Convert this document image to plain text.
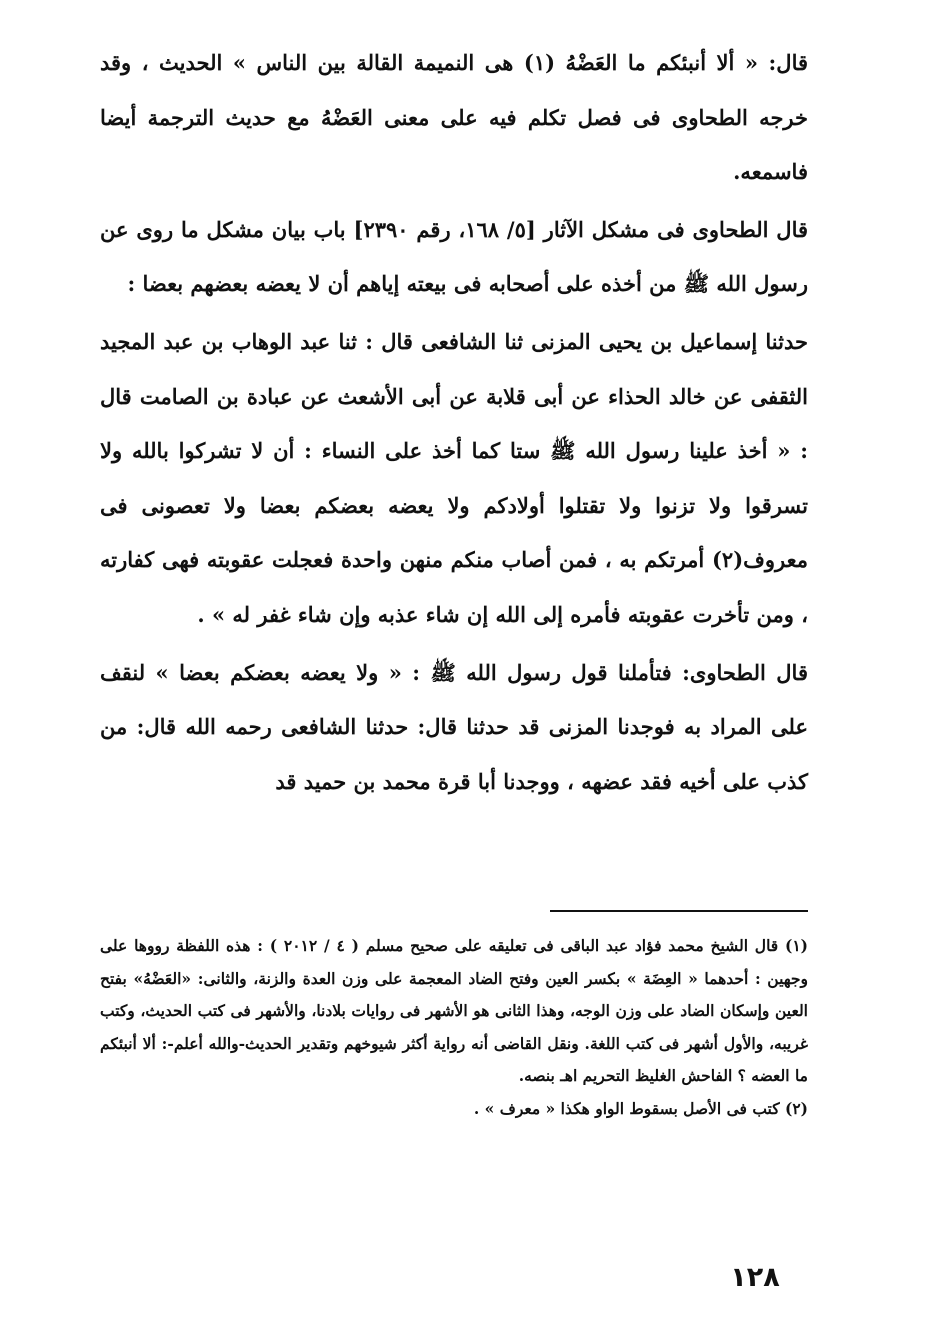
قال: « ألا أنبئكم ما العَضْهُ (١) هى النميمة القالة بين الناس » الحديث ، وقد خرجه الطحاوى فى فصل تكلم فيه على معنى العَضْهُ مع حديث الترجمة أيضا فاسمعه.

قال الطحاوى فى مشكل الآثار [٥/ ١٦٨، رقم ٢٣٩٠] باب بيان مشكل ما روى عن رسول الله ﷺ من أخذه على أصحابه فى بيعته إياهم أن لا يعضه بعضهم بعضا :

حدثنا إسماعيل بن يحيى المزنى ثنا الشافعى قال : ثنا عبد الوهاب بن عبد المجيد الثقفى عن خالد الحذاء عن أبى قلابة عن أبى الأشعث عن عبادة بن الصامت قال : « أخذ علينا رسول الله ﷺ ستا كما أخذ على النساء : أن لا تشركوا بالله ولا تسرقوا ولا تزنوا ولا تقتلوا أولادكم ولا يعضه بعضكم بعضا ولا تعصونى فى معروف(٢) أمرتكم به ، فمن أصاب منكم منهن واحدة فعجلت عقوبته فهى كفارته ، ومن تأخرت عقوبته فأمره إلى الله إن شاء عذبه وإن شاء غفر له » .

قال الطحاوى: فتأملنا قول رسول الله ﷺ : « ولا يعضه بعضكم بعضا » لنقف على المراد به فوجدنا المزنى قد حدثنا قال: حدثنا الشافعى رحمه الله قال: من كذب على أخيه فقد عضهه ، ووجدنا أبا قرة محمد بن حميد قد

(١) قال الشيخ محمد فؤاد عبد الباقى فى تعليقه على صحيح مسلم ( ٤ / ٢٠١٢ ) : هذه اللفظة رووها على وجهين : أحدهما « العِضَة » بكسر العين وفتح الضاد المعجمة على وزن العدة والزنة، والثانى: «العَضْهُ» بفتح العين وإسكان الضاد على وزن الوجه، وهذا الثانى هو الأشهر فى روايات بلادنا، والأشهر فى كتب الحديث، وكتب غريبه، والأول أشهر فى كتب اللغة. ونقل القاضى أنه رواية أكثر شيوخهم وتقدير الحديث-والله أعلم-: ألا أنبئكم ما العضه ؟ الفاحش الغليظ التحريم اهـ بنصه.

(٢) كتب فى الأصل بسقوط الواو هكذا « معرف » .

١٢٨
